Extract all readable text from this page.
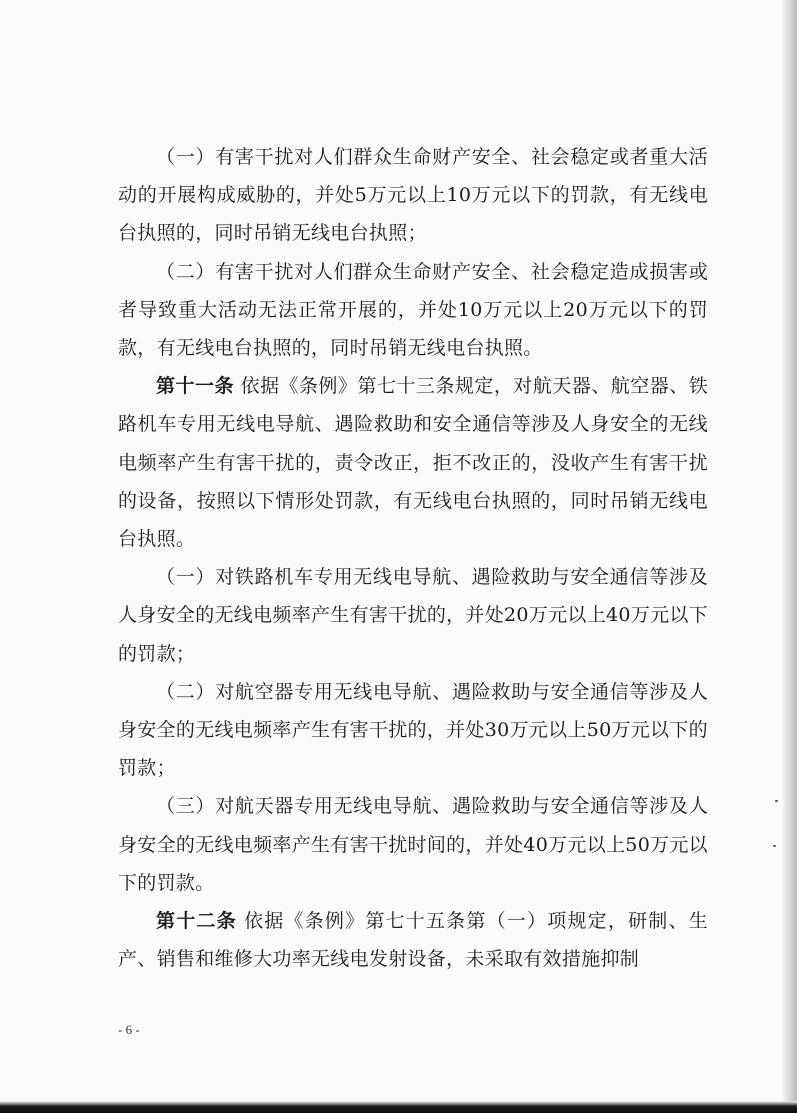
（一）有害干扰对人们群众生命财产安全、社会稳定或者重大活动的开展构成威胁的，并处5万元以上10万元以下的罚款，有无线电台执照的，同时吊销无线电台执照；

（二）有害干扰对人们群众生命财产安全、社会稳定造成损害或者导致重大活动无法正常开展的，并处10万元以上20万元以下的罚款，有无线电台执照的，同时吊销无线电台执照。

第十一条 依据《条例》第七十三条规定，对航天器、航空器、铁路机车专用无线电导航、遇险救助和安全通信等涉及人身安全的无线电频率产生有害干扰的，责令改正，拒不改正的，没收产生有害干扰的设备，按照以下情形处罚款，有无线电台执照的，同时吊销无线电台执照。

（一）对铁路机车专用无线电导航、遇险救助与安全通信等涉及人身安全的无线电频率产生有害干扰的，并处20万元以上40万元以下的罚款；

（二）对航空器专用无线电导航、遇险救助与安全通信等涉及人身安全的无线电频率产生有害干扰的，并处30万元以上50万元以下的罚款；

（三）对航天器专用无线电导航、遇险救助与安全通信等涉及人身安全的无线电频率产生有害干扰时间的，并处40万元以上50万元以下的罚款。

第十二条 依据《条例》第七十五条第（一）项规定，研制、生产、销售和维修大功率无线电发射设备，未采取有效措施抑制

- 6 -
